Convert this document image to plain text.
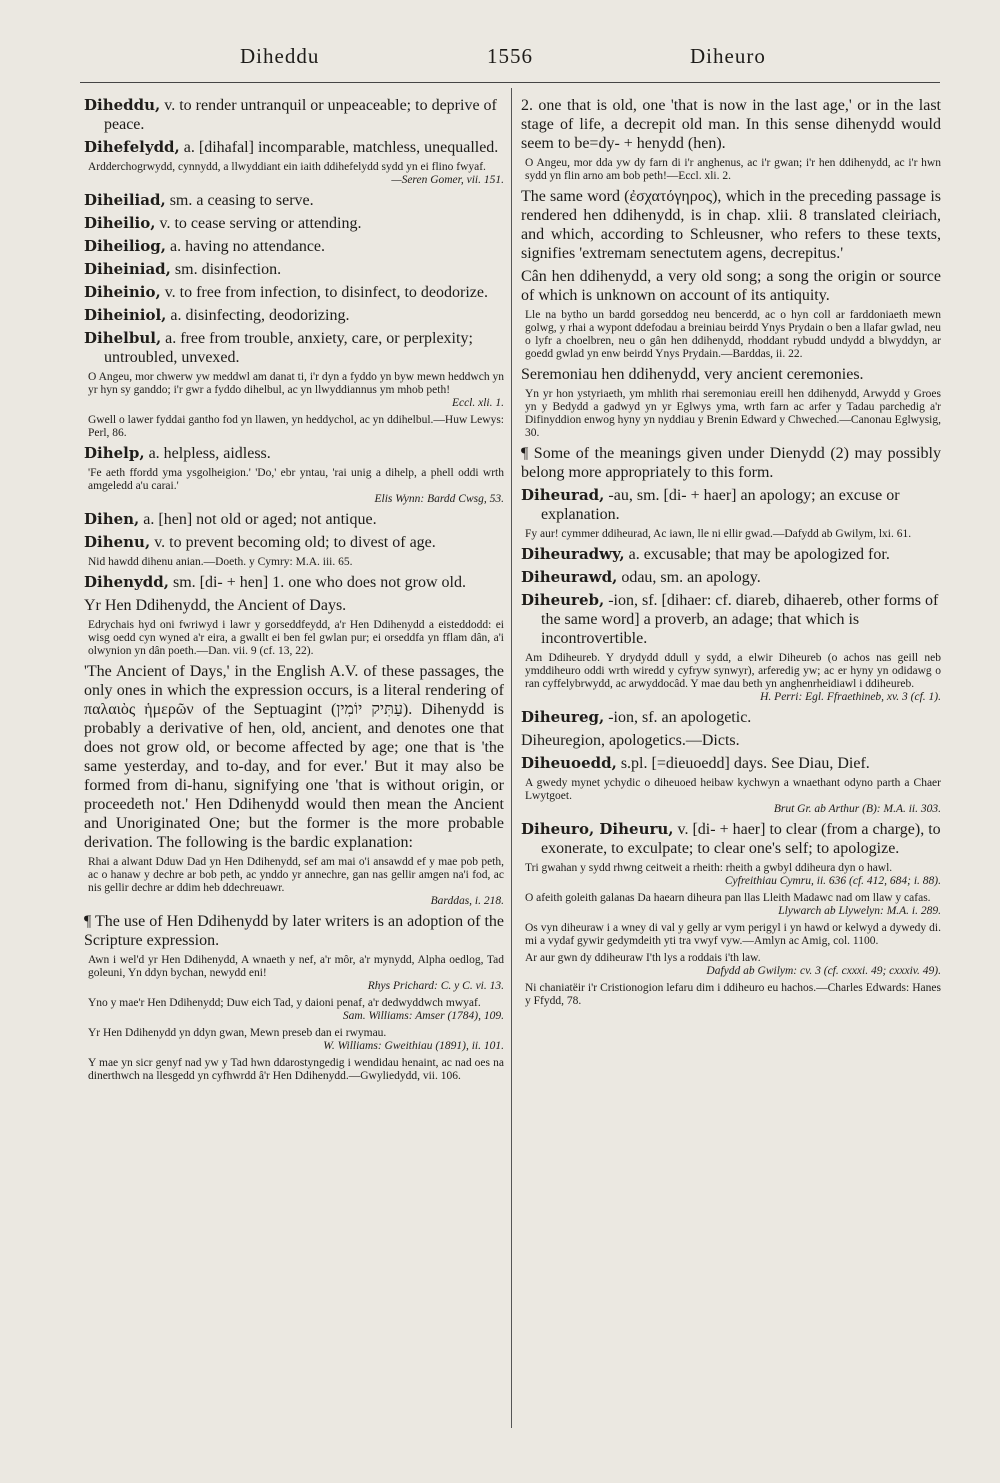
Diheddu	1556	Diheuro

Diheddu, v. to render untranquil or unpeaceable; to deprive of peace.

Dihefelydd, a. [dihafal] incomparable, matchless, unequalled.

Ardderchogrwydd, cynnydd, a llwyddiant ein iaith ddihefelydd sydd yn ei flino fwyaf.
—Seren Gomer, vii. 151.

Diheiliad, sm. a ceasing to serve.

Diheilio, v. to cease serving or attending.

Diheiliog, a. having no attendance.

Diheiniad, sm. disinfection.

Diheinio, v. to free from infection, to disinfect, to deodorize.

Diheiniol, a. disinfecting, deodorizing.

Dihelbul, a. free from trouble, anxiety, care, or perplexity; untroubled, unvexed.

O Angeu, mor chwerw yw meddwl am danat ti, i'r dyn a fyddo yn byw mewn heddwch yn yr hyn sy ganddo; i'r gwr a fyddo dihelbul, ac yn llwyddiannus ym mhob peth!
Eccl. xli. 1.

Gwell o lawer fyddai gantho fod yn llawen, yn heddychol, ac yn ddihelbul.—Huw Lewys: Perl, 86.

Dihelp, a. helpless, aidless.

'Fe aeth ffordd yma ysgolheigion.' 'Do,' ebr yntau, 'rai unig a dihelp, a phell oddi wrth amgeledd a'u carai.'
Elis Wynn: Bardd Cwsg, 53.

Dihen, a. [hen] not old or aged; not antique.

Dihenu, v. to prevent becoming old; to divest of age.

Nid hawdd dihenu anian.—Doeth. y Cymry: M.A. iii. 65.

Dihenydd, sm. [di- + hen] 1. one who does not grow old.

Yr Hen Ddihenydd, the Ancient of Days.

Edrychais hyd oni fwriwyd i lawr y gorseddfeydd, a'r Hen Ddihenydd a eisteddodd: ei wisg oedd cyn wyned a'r eira, a gwallt ei ben fel gwlan pur; ei orseddfa yn fflam dân, a'i olwynion yn dân poeth.—Dan. vii. 9 (cf. 13, 22).

'The Ancient of Days,' in the English A.V. of these passages, the only ones in which the expression occurs, is a literal rendering of παλαιὸς ἡμερῶν of the Septuagint (עַתִּיק יוֹמִין). Dihenydd is probably a derivative of hen, old, ancient, and denotes one that does not grow old, or become affected by age; one that is 'the same yesterday, and to-day, and for ever.' But it may also be formed from di-hanu, signifying one 'that is without origin, or proceedeth not.' Hen Ddihenydd would then mean the Ancient and Unoriginated One; but the former is the more probable derivation. The following is the bardic explanation:

Rhai a alwant Dduw Dad yn Hen Ddihenydd, sef am mai o'i ansawdd ef y mae pob peth, ac o hanaw y dechre ar bob peth, ac ynddo yr annechre, gan nas gellir amgen na'i fod, ac nis gellir dechre ar ddim heb ddechreuawr.
Barddas, i. 218.

¶ The use of Hen Ddihenydd by later writers is an adoption of the Scripture expression.

Awn i wel'd yr Hen Ddihenydd, A wnaeth y nef, a'r môr, a'r mynydd, Alpha oedlog, Tad goleuni, Yn ddyn bychan, newydd eni!
Rhys Prichard: C. y C. vi. 13.

Yno y mae'r Hen Ddihenydd; Duw eich Tad, y daioni penaf, a'r dedwyddwch mwyaf.
Sam. Williams: Amser (1784), 109.

Yr Hen Ddihenydd yn ddyn gwan, Mewn preseb dan ei rwymau.
W. Williams: Gweithiau (1891), ii. 101.

Y mae yn sicr genyf nad yw y Tad hwn ddarostyngedig i wendidau henaint, ac nad oes na dinerthwch na llesgedd yn cyfhwrdd â'r Hen Ddihenydd.—Gwyliedydd, vii. 106.

2. one that is old, one 'that is now in the last age,' or in the last stage of life, a decrepit old man. In this sense dihenydd would seem to be=dy- + henydd (hen).

O Angeu, mor dda yw dy farn di i'r anghenus, ac i'r gwan; i'r hen ddihenydd, ac i'r hwn sydd yn flin arno am bob peth!—Eccl. xli. 2.

The same word (ἐσχατόγηρος), which in the preceding passage is rendered hen ddihenydd, is in chap. xlii. 8 translated cleiriach, and which, according to Schleusner, who refers to these texts, signifies 'extremam senectutem agens, decrepitus.'

Cân hen ddihenydd, a very old song; a song the origin or source of which is unknown on account of its antiquity.

Lle na bytho un bardd gorseddog neu bencerdd, ac o hyn coll ar farddoniaeth mewn golwg, y rhai a wypont ddefodau a breiniau beirdd Ynys Prydain o ben a llafar gwlad, neu o lyfr a choelbren, neu o gân hen ddihenydd, rhoddant rybudd undydd a blwyddyn, ar goedd gwlad yn enw beirdd Ynys Prydain.—Barddas, ii. 22.

Seremoniau hen ddihenydd, very ancient ceremonies.

Yn yr hon ystyriaeth, ym mhlith rhai seremoniau ereill hen ddihenydd, Arwydd y Groes yn y Bedydd a gadwyd yn yr Eglwys yma, wrth farn ac arfer y Tadau parchedig a'r Difinyddion enwog hyny yn nyddiau y Brenin Edward y Chweched.—Canonau Eglwysig, 30.

¶ Some of the meanings given under Dienydd (2) may possibly belong more appropriately to this form.

Diheurad, -au, sm. [di- + haer] an apology; an excuse or explanation.

Fy aur! cymmer ddiheurad, Ac iawn, lle ni ellir gwad.—Dafydd ab Gwilym, lxi. 61.

Diheuradwy, a. excusable; that may be apologized for.

Diheurawd, odau, sm. an apology.

Diheureb, -ion, sf. [dihaer: cf. diareb, dihaereb, other forms of the same word] a proverb, an adage; that which is incontrovertible.

Am Ddiheureb. Y drydydd ddull y sydd, a elwir Diheureb (o achos nas geill neb ymddiheuro oddi wrth wiredd y cyfryw synwyr), arferedig yw; ac er hyny yn odidawg o ran cyffelybrwydd, ac arwyddocâd. Y mae dau beth yn anghenrheidiawl i ddiheureb.
H. Perri: Egl. Ffraethineb, xv. 3 (cf. 1).

Diheureg, -ion, sf. an apologetic.

Diheuregion, apologetics.—Dicts.

Diheuoedd, s.pl. [=dieuoedd] days. See Diau, Dief.

A gwedy mynet ychydic o diheuoed heibaw kychwyn a wnaethant odyno parth a Chaer Lwytgoet.
Brut Gr. ab Arthur (B): M.A. ii. 303.

Diheuro, Diheuru, v. [di- + haer] to clear (from a charge), to exonerate, to exculpate; to clear one's self; to apologize.

Tri gwahan y sydd rhwng ceitweit a rheith: rheith a gwbyl ddiheura dyn o hawl.
Cyfreithiau Cymru, ii. 636 (cf. 412, 684; i. 88).

O afeith goleith galanas Da haearn diheura pan llas Lleith Madawc nad om llaw y cafas.
Llywarch ab Llywelyn: M.A. i. 289.

Os vyn diheuraw i a wney di val y gelly ar vym perigyl i yn hawd or kelwyd a dywedy di. mi a vydaf gywir gedymdeith yti tra vwyf vyw.—Amlyn ac Amig, col. 1100.

Ar aur gwn dy ddiheuraw I'th lys a roddais i'th law.
Dafydd ab Gwilym: cv. 3 (cf. cxxxi. 49; cxxxiv. 49).

Ni chaniatëir i'r Cristionogion lefaru dim i ddiheuro eu hachos.—Charles Edwards: Hanes y Ffydd, 78.
